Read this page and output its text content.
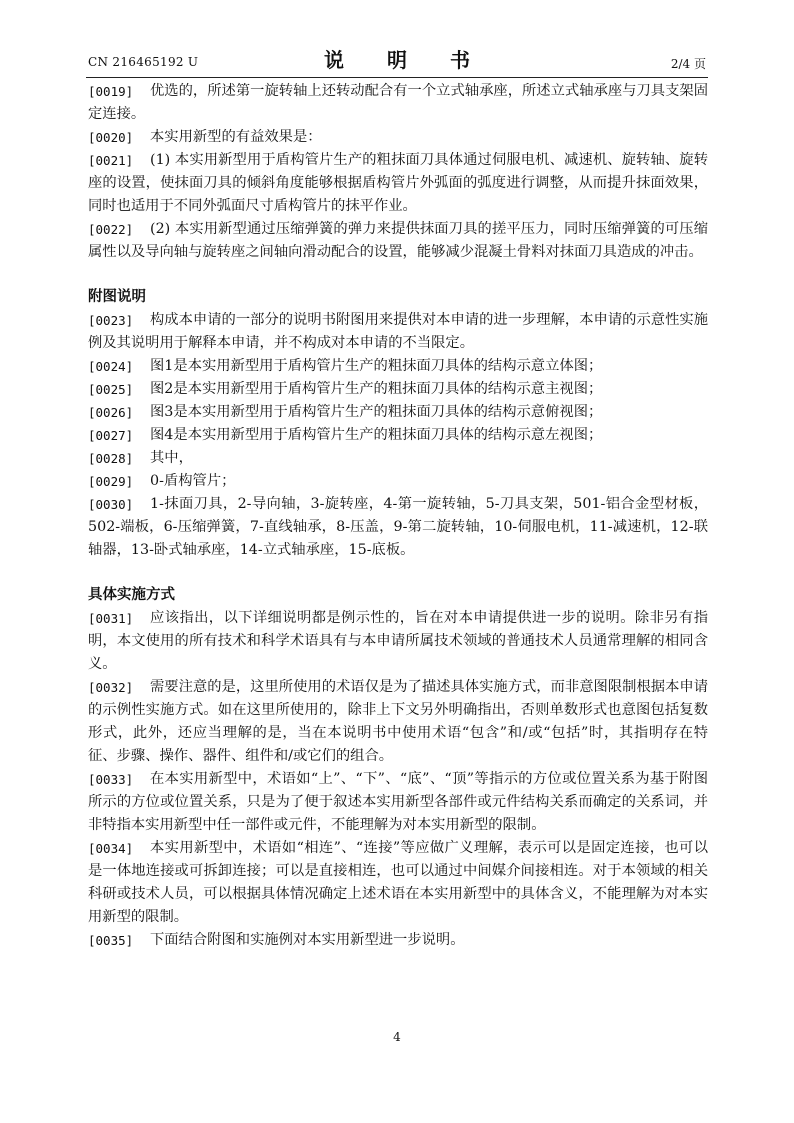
CN 216465192 U	说 明 书	2/4 页

[0019]	优选的，所述第一旋转轴上还转动配合有一个立式轴承座，所述立式轴承座与刀具支架固定连接。

[0020]	本实用新型的有益效果是：

[0021]	(1) 本实用新型用于盾构管片生产的粗抹面刀具体通过伺服电机、减速机、旋转轴、旋转座的设置，使抹面刀具的倾斜角度能够根据盾构管片外弧面的弧度进行调整，从而提升抹面效果，同时也适用于不同外弧面尺寸盾构管片的抹平作业。

[0022]	(2) 本实用新型通过压缩弹簧的弹力来提供抹面刀具的搓平压力，同时压缩弹簧的可压缩属性以及导向轴与旋转座之间轴向滑动配合的设置，能够减少混凝土骨料对抹面刀具造成的冲击。

附图说明

[0023]	构成本申请的一部分的说明书附图用来提供对本申请的进一步理解，本申请的示意性实施例及其说明用于解释本申请，并不构成对本申请的不当限定。

[0024]	图1是本实用新型用于盾构管片生产的粗抹面刀具体的结构示意立体图；

[0025]	图2是本实用新型用于盾构管片生产的粗抹面刀具体的结构示意主视图；

[0026]	图3是本实用新型用于盾构管片生产的粗抹面刀具体的结构示意俯视图；

[0027]	图4是本实用新型用于盾构管片生产的粗抹面刀具体的结构示意左视图；

[0028]	其中，

[0029]	0-盾构管片；

[0030]	1-抹面刀具，2-导向轴，3-旋转座，4-第一旋转轴，5-刀具支架，501-铝合金型材板，502-端板，6-压缩弹簧，7-直线轴承，8-压盖，9-第二旋转轴，10-伺服电机，11-减速机，12-联轴器，13-卧式轴承座，14-立式轴承座，15-底板。

具体实施方式

[0031]	应该指出，以下详细说明都是例示性的，旨在对本申请提供进一步的说明。除非另有指明，本文使用的所有技术和科学术语具有与本申请所属技术领域的普通技术人员通常理解的相同含义。

[0032]	需要注意的是，这里所使用的术语仅是为了描述具体实施方式，而非意图限制根据本申请的示例性实施方式。如在这里所使用的，除非上下文另外明确指出，否则单数形式也意图包括复数形式，此外，还应当理解的是，当在本说明书中使用术语“包含”和/或“包括”时，其指明存在特征、步骤、操作、器件、组件和/或它们的组合。

[0033]	在本实用新型中，术语如“上”、“下”、“底”、“顶”等指示的方位或位置关系为基于附图所示的方位或位置关系，只是为了便于叙述本实用新型各部件或元件结构关系而确定的关系词，并非特指本实用新型中任一部件或元件，不能理解为对本实用新型的限制。

[0034]	本实用新型中，术语如“相连”、“连接”等应做广义理解，表示可以是固定连接，也可以是一体地连接或可拆卸连接；可以是直接相连，也可以通过中间媒介间接相连。对于本领域的相关科研或技术人员，可以根据具体情况确定上述术语在本实用新型中的具体含义，不能理解为对本实用新型的限制。

[0035]	下面结合附图和实施例对本实用新型进一步说明。

4
